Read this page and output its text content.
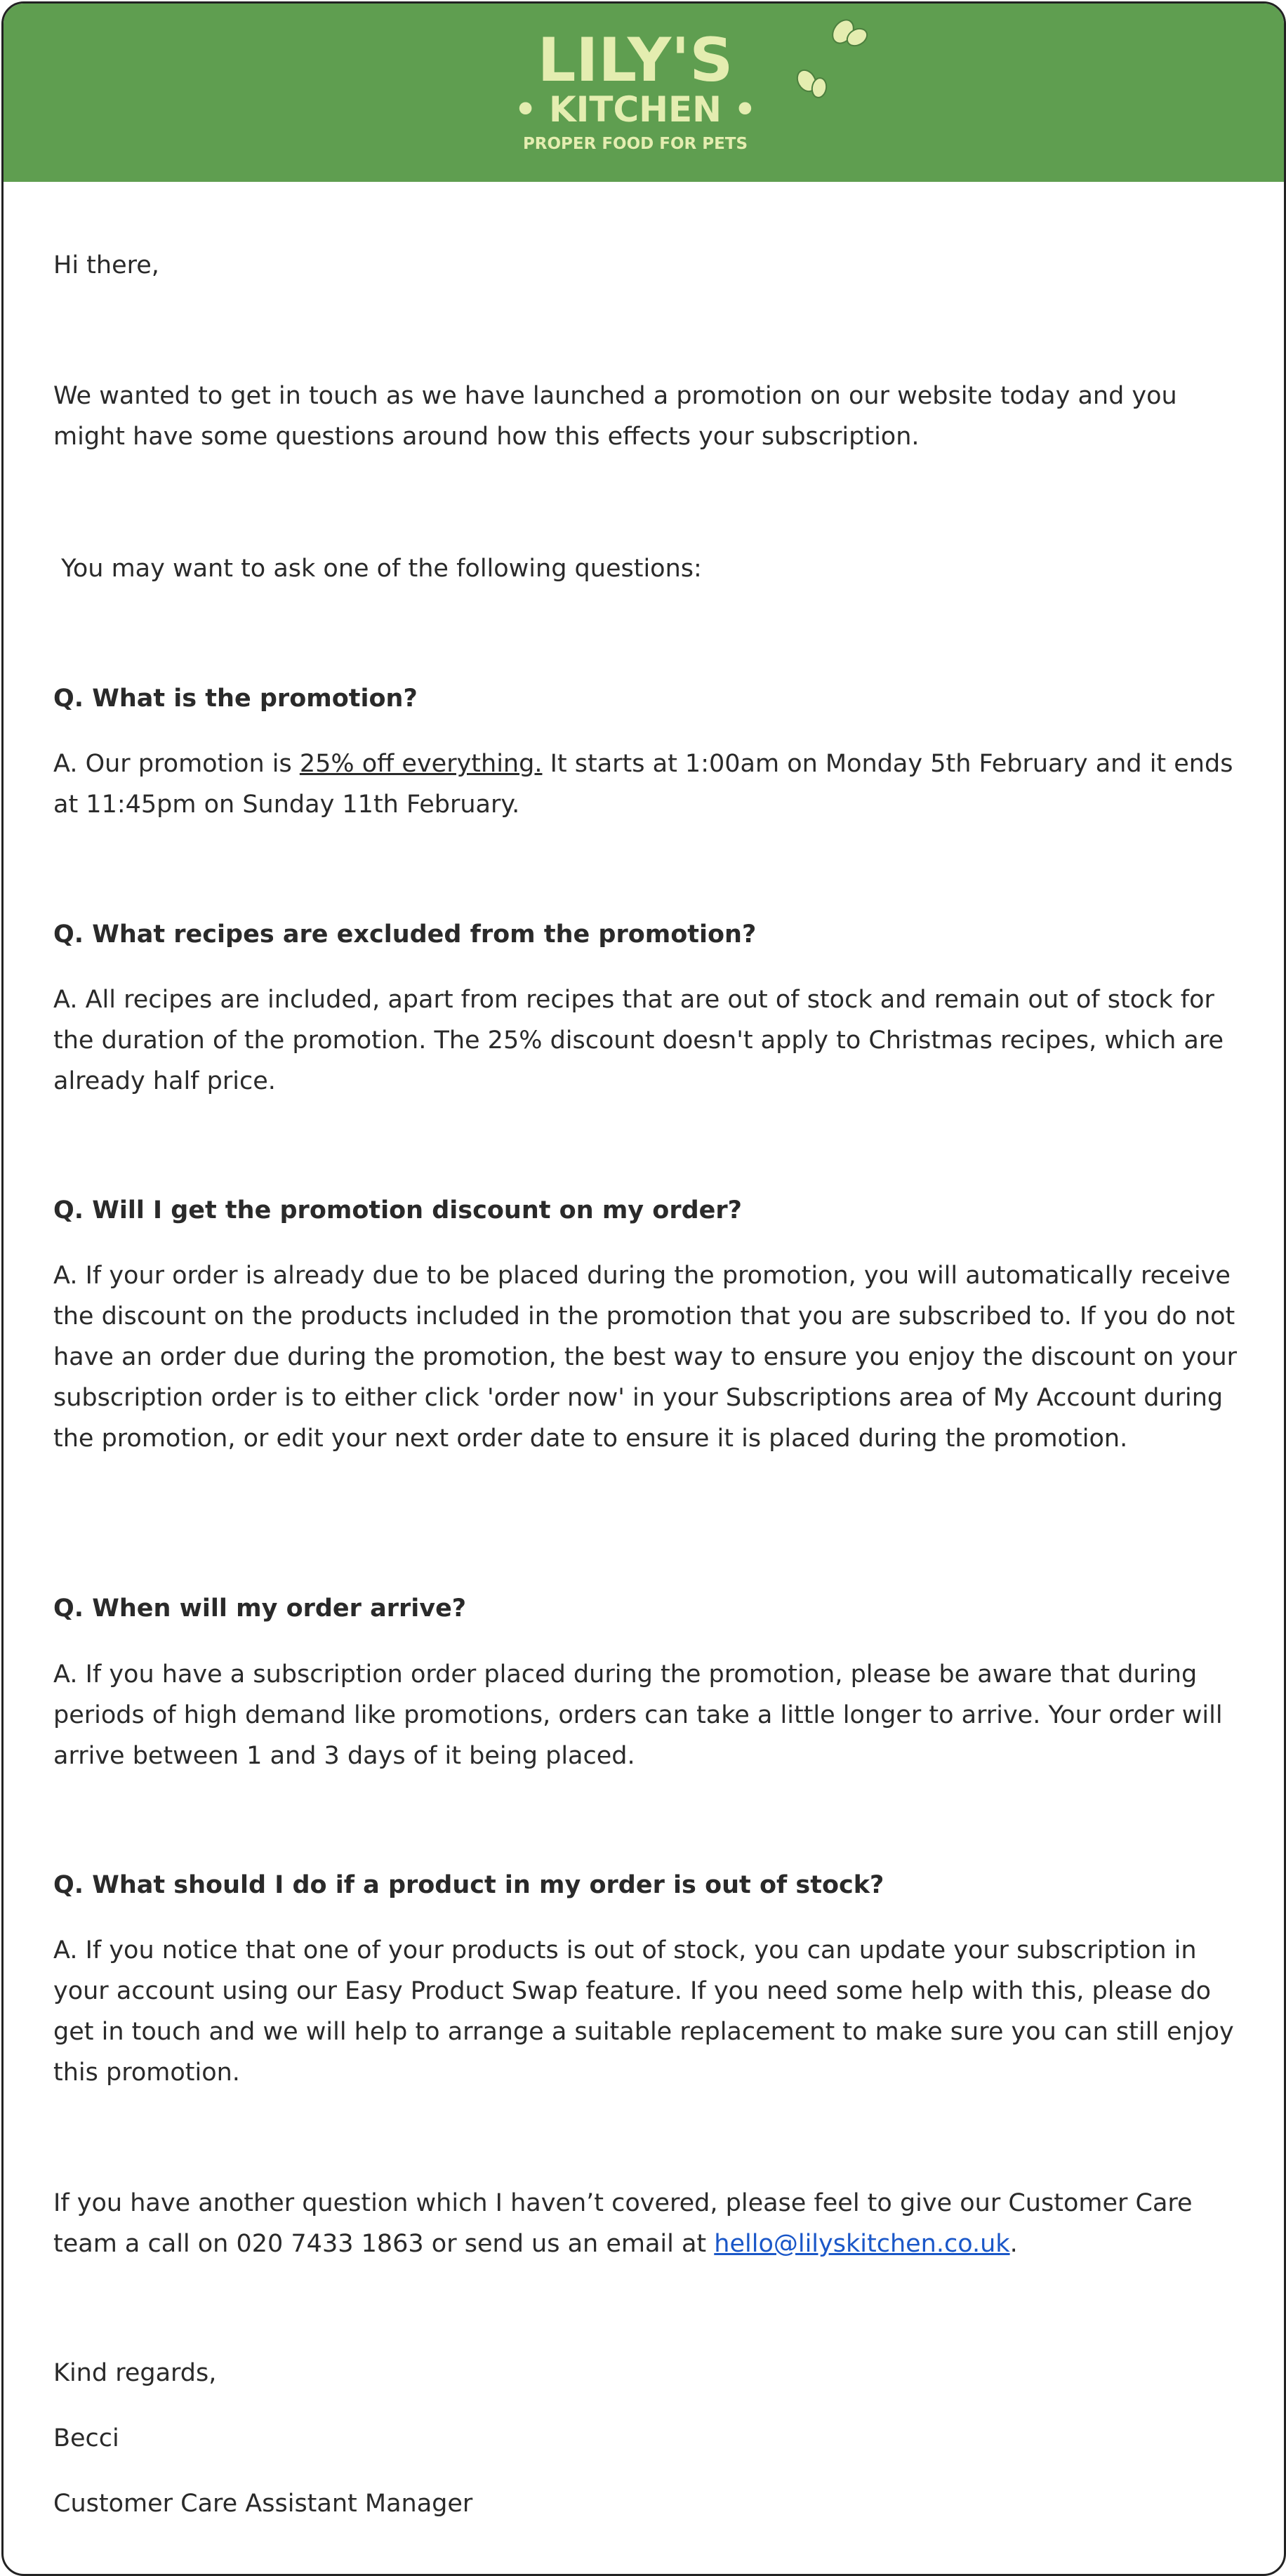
LILY'S
• KITCHEN •
PROPER FOOD FOR PETS

Hi there,

We wanted to get in touch as we have launched a promotion on our website today and you might have some questions around how this effects your subscription.

You may want to ask one of the following questions:

Q. What is the promotion?

A. Our promotion is 25% off everything. It starts at 1:00am on Monday 5th February and it ends at 11:45pm on Sunday 11th February.

Q. What recipes are excluded from the promotion?

A. All recipes are included, apart from recipes that are out of stock and remain out of stock for the duration of the promotion. The 25% discount doesn't apply to Christmas recipes, which are already half price.

Q. Will I get the promotion discount on my order?

A. If your order is already due to be placed during the promotion, you will automatically receive the discount on the products included in the promotion that you are subscribed to. If you do not have an order due during the promotion, the best way to ensure you enjoy the discount on your subscription order is to either click 'order now' in your Subscriptions area of My Account during the promotion, or edit your next order date to ensure it is placed during the promotion.

Q. When will my order arrive?

A. If you have a subscription order placed during the promotion, please be aware that during periods of high demand like promotions, orders can take a little longer to arrive. Your order will arrive between 1 and 3 days of it being placed.

Q. What should I do if a product in my order is out of stock?

A. If you notice that one of your products is out of stock, you can update your subscription in your account using our Easy Product Swap feature. If you need some help with this, please do get in touch and we will help to arrange a suitable replacement to make sure you can still enjoy this promotion.

If you have another question which I haven’t covered, please feel to give our Customer Care team a call on 020 7433 1863 or send us an email at hello@lilyskitchen.co.uk.

Kind regards,

Becci

Customer Care Assistant Manager
